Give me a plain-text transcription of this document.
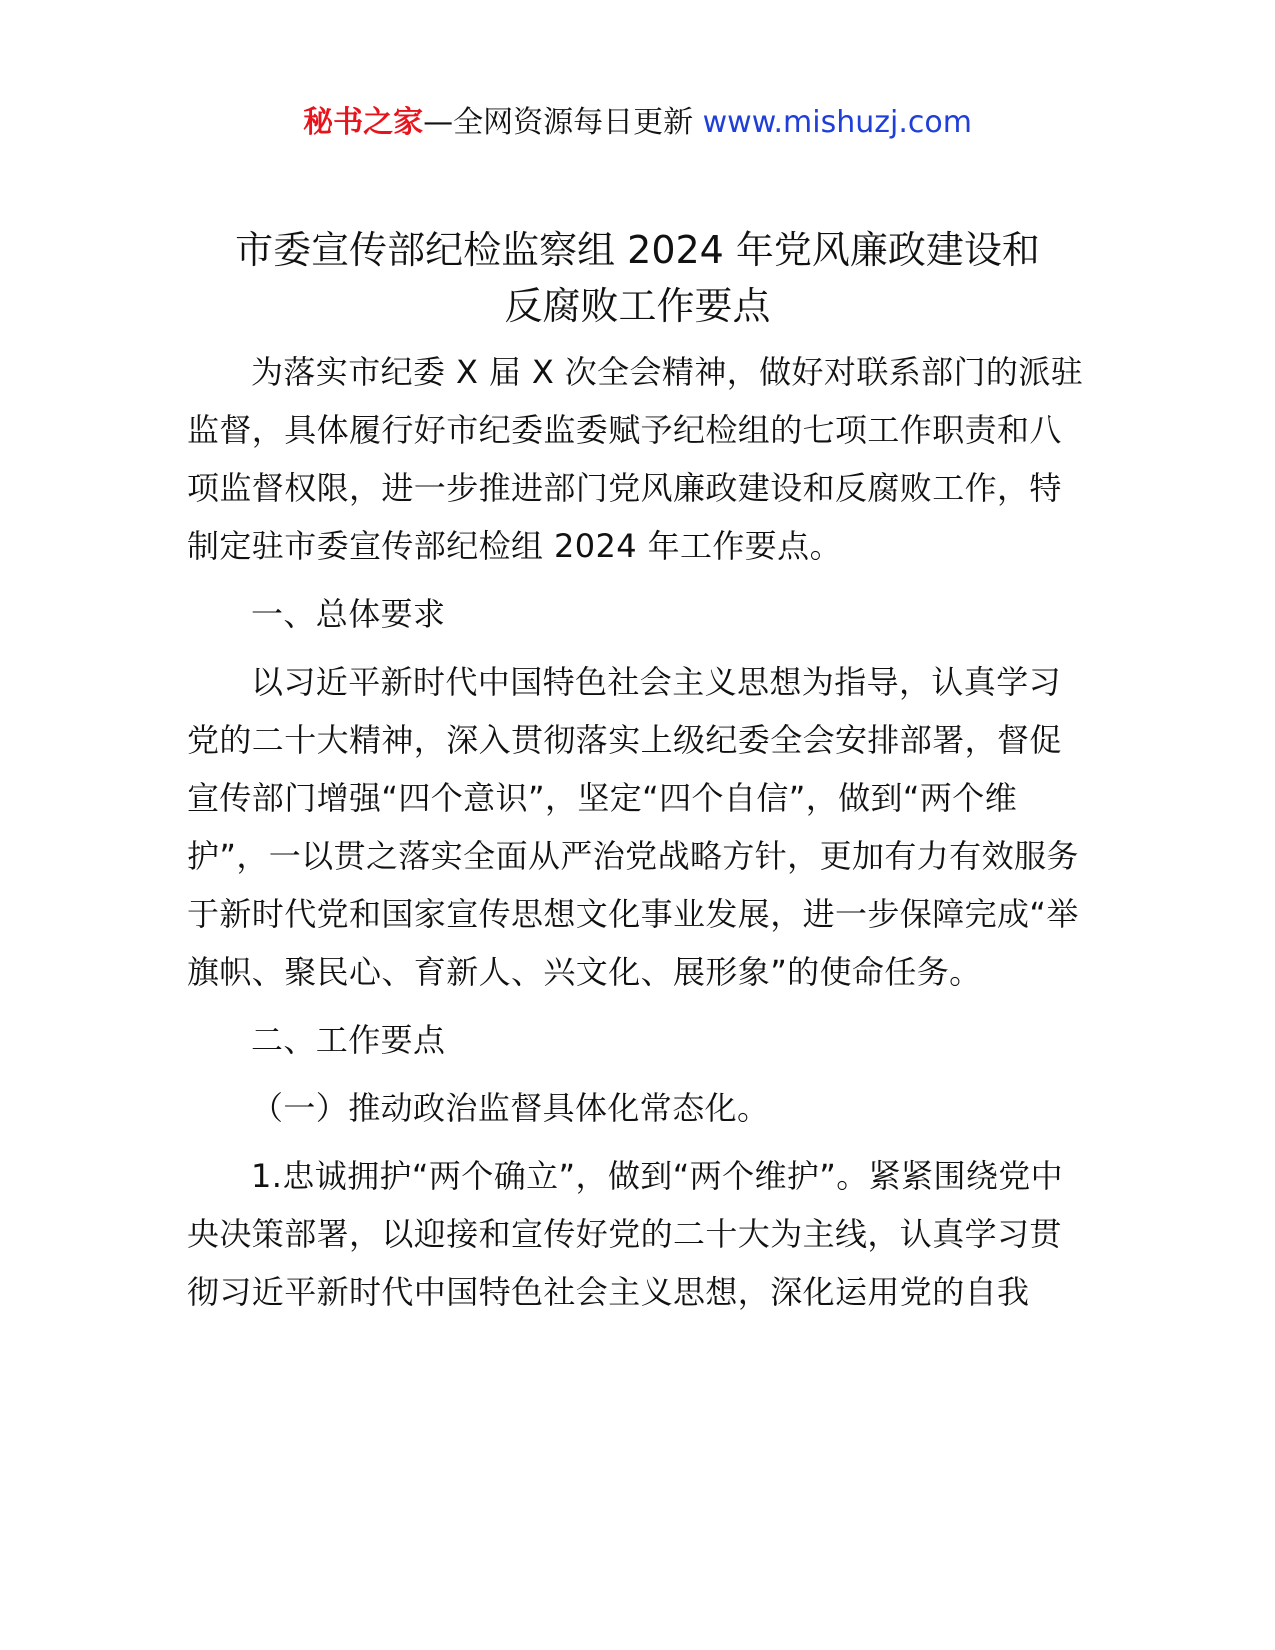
秘书之家—全网资源每日更新 www.mishuzj.com
市委宣传部纪检监察组 2024 年党风廉政建设和
反腐败工作要点

为落实市纪委 X 届 X 次全会精神，做好对联系部门的派驻监督，具体履行好市纪委监委赋予纪检组的七项工作职责和八项监督权限，进一步推进部门党风廉政建设和反腐败工作，特制定驻市委宣传部纪检组 2024 年工作要点。

一、总体要求

以习近平新时代中国特色社会主义思想为指导，认真学习党的二十大精神，深入贯彻落实上级纪委全会安排部署，督促宣传部门增强“四个意识”，坚定“四个自信”，做到“两个维护”，一以贯之落实全面从严治党战略方针，更加有力有效服务于新时代党和国家宣传思想文化事业发展，进一步保障完成“举旗帜、聚民心、育新人、兴文化、展形象”的使命任务。

二、工作要点

（一）推动政治监督具体化常态化。

1.忠诚拥护“两个确立”，做到“两个维护”。紧紧围绕党中央决策部署，以迎接和宣传好党的二十大为主线，认真学习贯彻习近平新时代中国特色社会主义思想，深化运用党的自我
